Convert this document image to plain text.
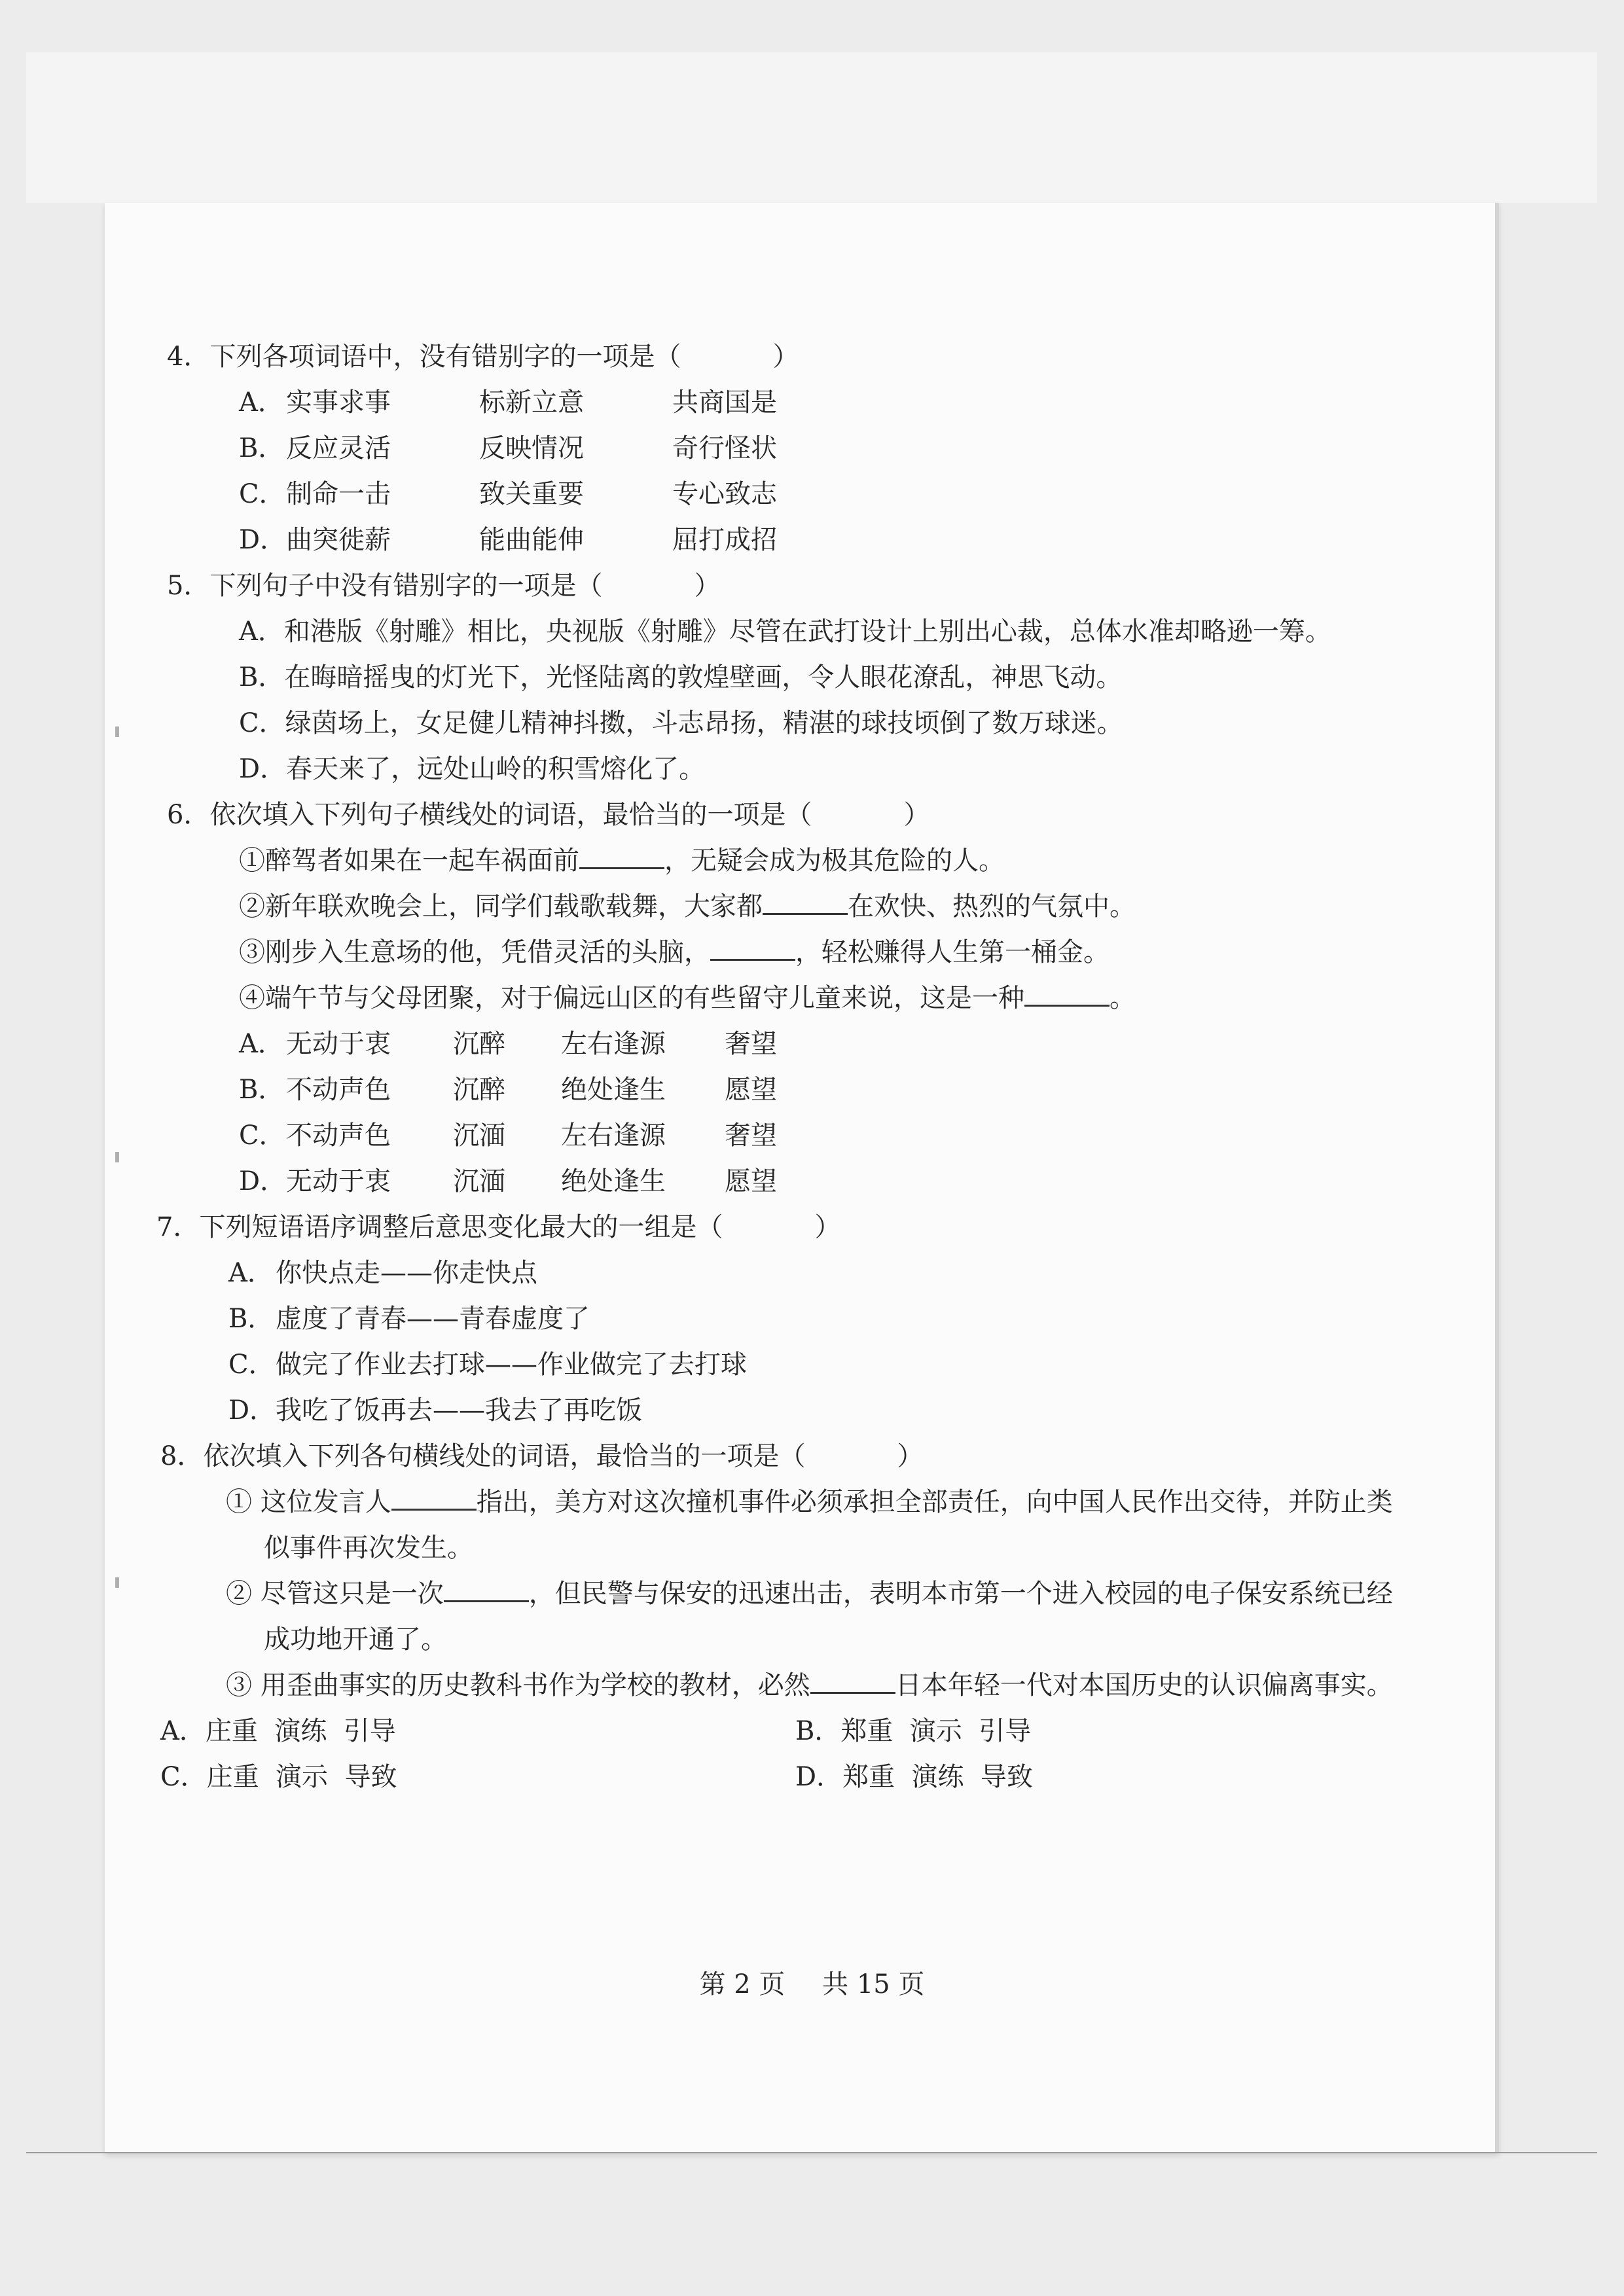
4．下列各项词语中，没有错别字的一项是（	）
A． 实事求事	标新立意	共商国是
B． 反应灵活	反映情况	奇行怪状
C． 制命一击	致关重要	专心致志
D． 曲突徙薪	能曲能伸	屈打成招
5．下列句子中没有错别字的一项是（	）
A．和港版《射雕》相比，央视版《射雕》尽管在武打设计上别出心裁，总体水准却略逊一筹。
B．在晦暗摇曳的灯光下，光怪陆离的敦煌壁画，令人眼花潦乱，神思飞动。
C．绿茵场上，女足健儿精神抖擞，斗志昂扬，精湛的球技顷倒了数万球迷。
D．春天来了，远处山岭的积雪熔化了。
6．依次填入下列句子横线处的词语，最恰当的一项是（	）
①醉驾者如果在一起车祸面前	，无疑会成为极其危险的人。
②新年联欢晚会上，同学们载歌载舞，大家都	在欢快、热烈的气氛中。
③刚步入生意场的他，凭借灵活的头脑，	，轻松赚得人生第一桶金。
④端午节与父母团聚，对于偏远山区的有些留守儿童来说，这是一种	。
A． 无动于衷	沉醉	左右逢源	奢望
B． 不动声色	沉醉	绝处逢生	愿望
C． 不动声色	沉湎	左右逢源	奢望
D． 无动于衷	沉湎	绝处逢生	愿望
7．下列短语语序调整后意思变化最大的一组是（	）
A． 你快点走——你走快点
B． 虚度了青春——青春虚度了
C． 做完了作业去打球——作业做完了去打球
D． 我吃了饭再去——我去了再吃饭
8．依次填入下列各句横线处的词语，最恰当的一项是（	）
① 这位发言人	指出，美方对这次撞机事件必须承担全部责任，向中国人民作出交待，并防止类似事件再次发生。
② 尽管这只是一次	，但民警与保安的迅速出击，表明本市第一个进入校园的电子保安系统已经成功地开通了。
③ 用歪曲事实的历史教科书作为学校的教材，必然	日本年轻一代对本国历史的认识偏离事实。
A．庄重  演练  引导	B．郑重  演示  引导
C．庄重  演示  导致	D．郑重  演练  导致
第 2 页 共 15 页
